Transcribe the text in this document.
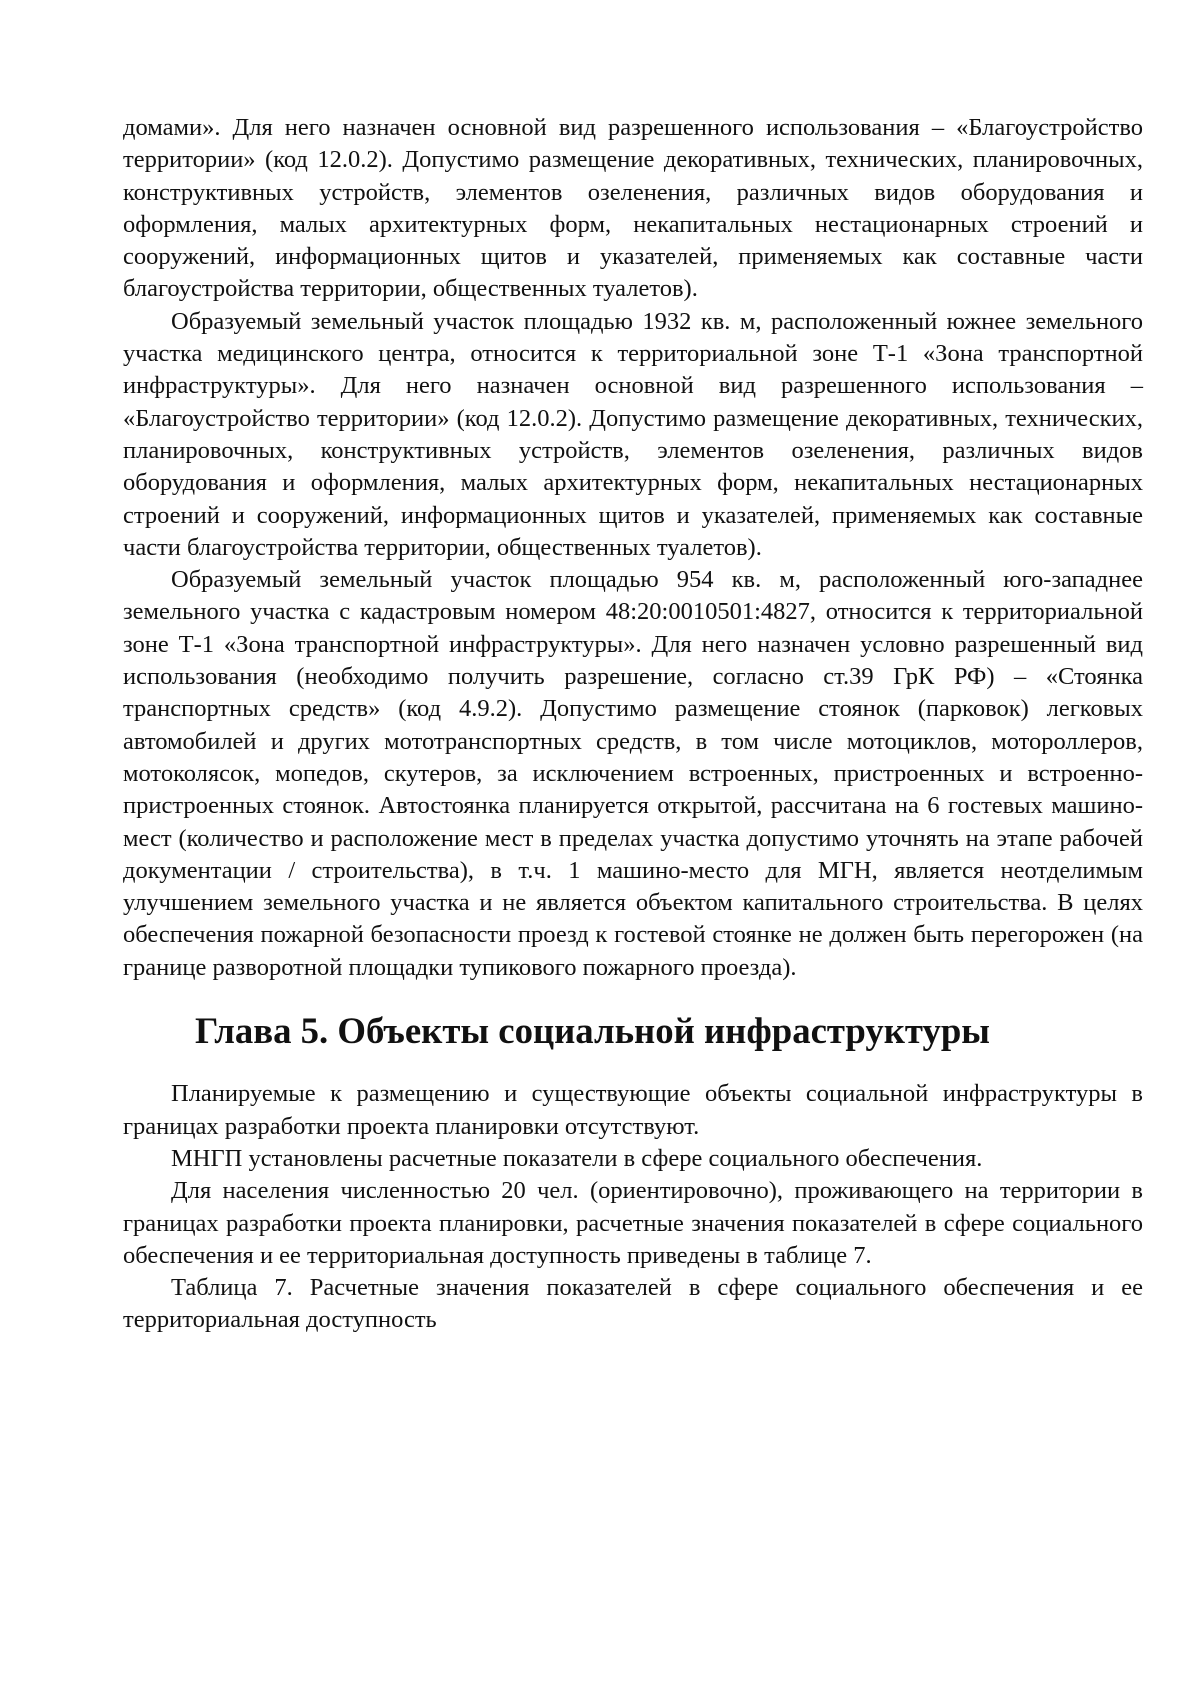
домами». Для него назначен основной вид разрешенного использования – «Благоустройство территории» (код 12.0.2). Допустимо размещение декоративных, технических, планировочных, конструктивных устройств, элементов озеленения, различных видов оборудования и оформления, малых архитектурных форм, некапитальных нестационарных строений и сооружений, информационных щитов и указателей, применяемых как составные части благоустройства территории, общественных туалетов).

Образуемый земельный участок площадью 1932 кв. м, расположенный южнее земельного участка медицинского центра, относится к территориальной зоне Т-1 «Зона транспортной инфраструктуры». Для него назначен основной вид разрешенного использования – «Благоустройство территории» (код 12.0.2). Допустимо размещение декоративных, технических, планировочных, конструктивных устройств, элементов озеленения, различных видов оборудования и оформления, малых архитектурных форм, некапитальных нестационарных строений и сооружений, информационных щитов и указателей, применяемых как составные части благоустройства территории, общественных туалетов).

Образуемый земельный участок площадью 954 кв. м, расположенный юго-западнее земельного участка с кадастровым номером 48:20:0010501:4827, относится к территориальной зоне Т-1 «Зона транспортной инфраструктуры». Для него назначен условно разрешенный вид использования (необходимо получить разрешение, согласно ст.39 ГрК РФ) – «Стоянка транспортных средств» (код 4.9.2). Допустимо размещение стоянок (парковок) легковых автомобилей и других мототранспортных средств, в том числе мотоциклов, мотороллеров, мотоколясок, мопедов, скутеров, за исключением встроенных, пристроенных и встроенно-пристроенных стоянок. Автостоянка планируется открытой, рассчитана на 6 гостевых машино-мест (количество и расположение мест в пределах участка допустимо уточнять на этапе рабочей документации / строительства), в т.ч. 1 машино-место для МГН, является неотделимым улучшением земельного участка и не является объектом капитального строительства. В целях обеспечения пожарной безопасности проезд к гостевой стоянке не должен быть перегорожен (на границе разворотной площадки тупикового пожарного проезда).

Глава 5. Объекты социальной инфраструктуры

Планируемые к размещению и существующие объекты социальной инфраструктуры в границах разработки проекта планировки отсутствуют.

МНГП установлены расчетные показатели в сфере социального обеспечения.

Для населения численностью 20 чел. (ориентировочно), проживающего на территории в границах разработки проекта планировки, расчетные значения показателей в сфере социального обеспечения и ее территориальная доступность приведены в таблице 7.

Таблица 7. Расчетные значения показателей в сфере социального обеспечения и ее территориальная доступность
